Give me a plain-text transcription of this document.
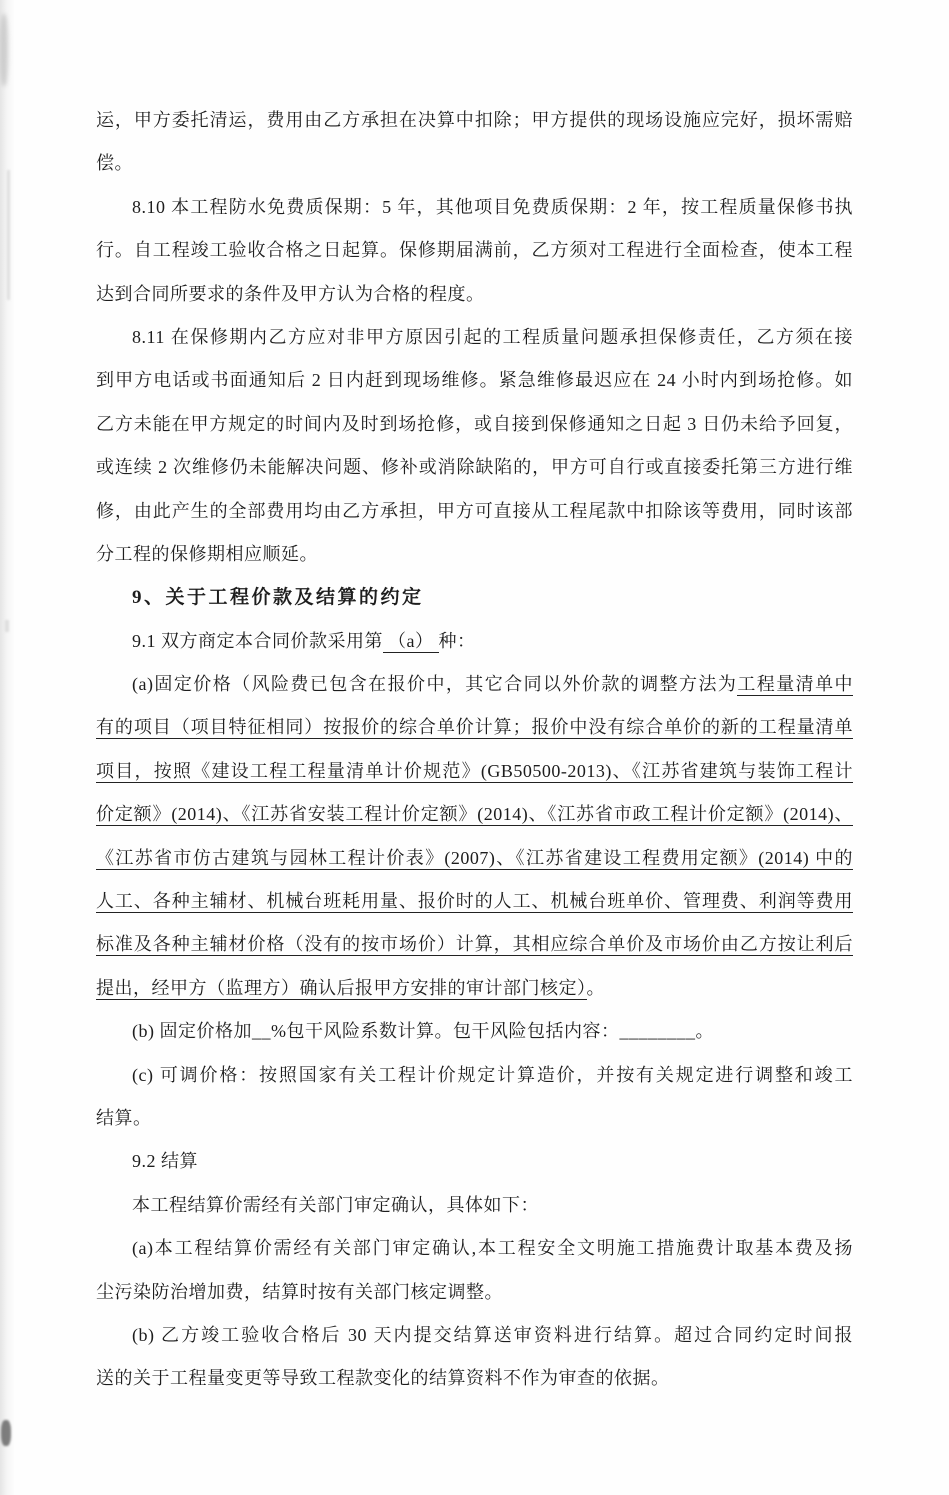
运，甲方委托清运，费用由乙方承担在决算中扣除；甲方提供的现场设施应完好，损坏需赔
偿。
8.10 本工程防水免费质保期：5 年，其他项目免费质保期：2 年，按工程质量保修书执
行。自工程竣工验收合格之日起算。保修期届满前，乙方须对工程进行全面检查，使本工程
达到合同所要求的条件及甲方认为合格的程度。
8.11 在保修期内乙方应对非甲方原因引起的工程质量问题承担保修责任，乙方须在接
到甲方电话或书面通知后 2 日内赶到现场维修。紧急维修最迟应在 24 小时内到场抢修。如
乙方未能在甲方规定的时间内及时到场抢修，或自接到保修通知之日起 3 日仍未给予回复，
或连续 2 次维修仍未能解决问题、修补或消除缺陷的，甲方可自行或直接委托第三方进行维
修，由此产生的全部费用均由乙方承担，甲方可直接从工程尾款中扣除该等费用，同时该部
分工程的保修期相应顺延。
9、关于工程价款及结算的约定
9.1 双方商定本合同价款采用第 （a） 种：
(a)固定价格（风险费已包含在报价中，其它合同以外价款的调整方法为工程量清单中
有的项目（项目特征相同）按报价的综合单价计算；报价中没有综合单价的新的工程量清单
项目，按照《建设工程工程量清单计价规范》(GB50500-2013)、《江苏省建筑与装饰工程计
价定额》(2014)、《江苏省安装工程计价定额》(2014)、《江苏省市政工程计价定额》(2014)、
《江苏省市仿古建筑与园林工程计价表》(2007)、《江苏省建设工程费用定额》(2014) 中的
人工、各种主辅材、机械台班耗用量、报价时的人工、机械台班单价、管理费、利润等费用
标准及各种主辅材价格（没有的按市场价）计算，其相应综合单价及市场价由乙方按让利后
提出，经甲方（监理方）确认后报甲方安排的审计部门核定）。
(b) 固定价格加__%包干风险系数计算。包干风险包括内容：________。
(c) 可调价格：按照国家有关工程计价规定计算造价，并按有关规定进行调整和竣工
结算。
9.2 结算
本工程结算价需经有关部门审定确认，具体如下：
(a)本工程结算价需经有关部门审定确认,本工程安全文明施工措施费计取基本费及扬
尘污染防治增加费，结算时按有关部门核定调整。
(b) 乙方竣工验收合格后 30 天内提交结算送审资料进行结算。超过合同约定时间报
送的关于工程量变更等导致工程款变化的结算资料不作为审查的依据。
